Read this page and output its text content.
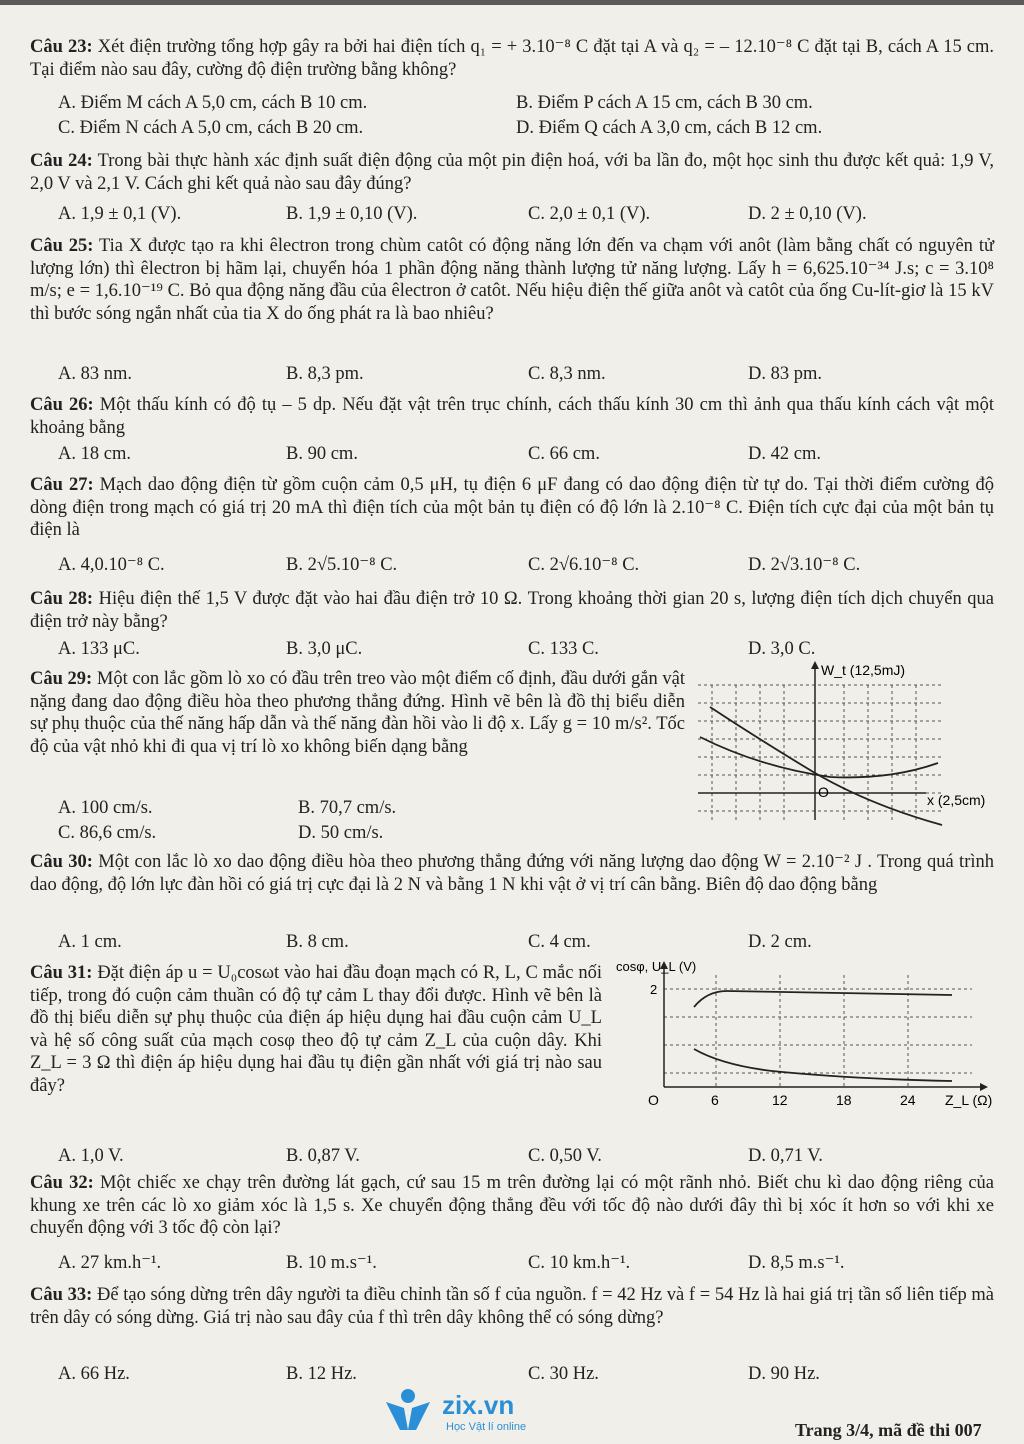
Câu 23: Xét điện trường tổng hợp gây ra bởi hai điện tích q₁ = + 3.10⁻⁸ C đặt tại A và q₂ = – 12.10⁻⁸ C đặt tại B, cách A 15 cm. Tại điểm nào sau đây, cường độ điện trường bằng không?
A. Điểm M cách A 5,0 cm, cách B 10 cm.	B. Điểm P cách A 15 cm, cách B 30 cm.
C. Điểm N cách A 5,0 cm, cách B 20 cm.	D. Điểm Q cách A 3,0 cm, cách B 12 cm.
Câu 24: Trong bài thực hành xác định suất điện động của một pin điện hoá, với ba lần đo, một học sinh thu được kết quả: 1,9 V, 2,0 V và 2,1 V. Cách ghi kết quả nào sau đây đúng?
A. 1,9 ± 0,1 (V).	B. 1,9 ± 0,10 (V).	C. 2,0 ± 0,1 (V).	D. 2 ± 0,10 (V).
Câu 25: Tia X được tạo ra khi êlectron trong chùm catôt có động năng lớn đến va chạm với anôt (làm bằng chất có nguyên tử lượng lớn) thì êlectron bị hãm lại, chuyển hóa 1 phần động năng thành lượng tử năng lượng. Lấy h = 6,625.10⁻³⁴ J.s; c = 3.10⁸ m/s; e = 1,6.10⁻¹⁹ C. Bỏ qua động năng đầu của êlectron ở catôt. Nếu hiệu điện thế giữa anôt và catôt của ống Cu-lít-giơ là 15 kV thì bước sóng ngắn nhất của tia X do ống phát ra là bao nhiêu?
A. 83 nm.	B. 8,3 pm.	C. 8,3 nm.	D. 83 pm.
Câu 26: Một thấu kính có độ tụ – 5 dp. Nếu đặt vật trên trục chính, cách thấu kính 30 cm thì ảnh qua thấu kính cách vật một khoảng bằng
A. 18 cm.	B. 90 cm.	C. 66 cm.	D. 42 cm.
Câu 27: Mạch dao động điện từ gồm cuộn cảm 0,5 μH, tụ điện 6 μF đang có dao động điện từ tự do. Tại thời điểm cường độ dòng điện trong mạch có giá trị 20 mA thì điện tích của một bản tụ điện có độ lớn là 2.10⁻⁸ C. Điện tích cực đại của một bản tụ điện là
A. 4,0.10⁻⁸ C.	B. 2√5.10⁻⁸ C.	C. 2√6.10⁻⁸ C.	D. 2√3.10⁻⁸ C.
Câu 28: Hiệu điện thế 1,5 V được đặt vào hai đầu điện trở 10 Ω. Trong khoảng thời gian 20 s, lượng điện tích dịch chuyển qua điện trở này bằng?
A. 133 μC.	B. 3,0 μC.	C. 133 C.	D. 3,0 C.
Câu 29: Một con lắc gồm lò xo có đầu trên treo vào một điểm cố định, đầu dưới gắn vật nặng đang dao động điều hòa theo phương thẳng đứng. Hình vẽ bên là đồ thị biểu diễn sự phụ thuộc của thế năng hấp dẫn và thế năng đàn hồi vào li độ x. Lấy g = 10 m/s². Tốc độ của vật nhỏ khi đi qua vị trí lò xo không biến dạng bằng
A. 100 cm/s.	B. 70,7 cm/s.
C. 86,6 cm/s.	D. 50 cm/s.
W_t (12,5mJ)
O	x (2,5cm)
Câu 30: Một con lắc lò xo dao động điều hòa theo phương thẳng đứng với năng lượng dao động W = 2.10⁻² J . Trong quá trình dao động, độ lớn lực đàn hồi có giá trị cực đại là 2 N và bằng 1 N khi vật ở vị trí cân bằng. Biên độ dao động bằng
A. 1 cm.	B. 8 cm.	C. 4 cm.	D. 2 cm.
Câu 31: Đặt điện áp u = U₀cosωt vào hai đầu đoạn mạch có R, L, C mắc nối tiếp, trong đó cuộn cảm thuần có độ tự cảm L thay đổi được. Hình vẽ bên là đồ thị biểu diễn sự phụ thuộc của điện áp hiệu dụng hai đầu cuộn cảm U_L và hệ số công suất của mạch cosφ theo độ tự cảm Z_L của cuộn dây. Khi Z_L = 3 Ω thì điện áp hiệu dụng hai đầu tụ điện gần nhất với giá trị nào sau đây?
A. 1,0 V.	B. 0,87 V.	C. 0,50 V.	D. 0,71 V.
cosφ, U_L (V)
2
O	6	12	18	24 Z_L (Ω)
Câu 32: Một chiếc xe chạy trên đường lát gạch, cứ sau 15 m trên đường lại có một rãnh nhỏ. Biết chu kì dao động riêng của khung xe trên các lò xo giảm xóc là 1,5 s. Xe chuyển động thẳng đều với tốc độ nào dưới đây thì bị xóc ít hơn so với khi xe chuyển động với 3 tốc độ còn lại?
A. 27 km.h⁻¹.	B. 10 m.s⁻¹.	C. 10 km.h⁻¹.	D. 8,5 m.s⁻¹.
Câu 33: Để tạo sóng dừng trên dây người ta điều chỉnh tần số f của nguồn. f = 42 Hz và f = 54 Hz là hai giá trị tần số liên tiếp mà trên dây có sóng dừng. Giá trị nào sau đây của f thì trên dây không thể có sóng dừng?
A. 66 Hz.	B. 12 Hz.	C. 30 Hz.	D. 90 Hz.
zix.vn
Học Vật lí online	Trang 3/4, mã đề thi 007
